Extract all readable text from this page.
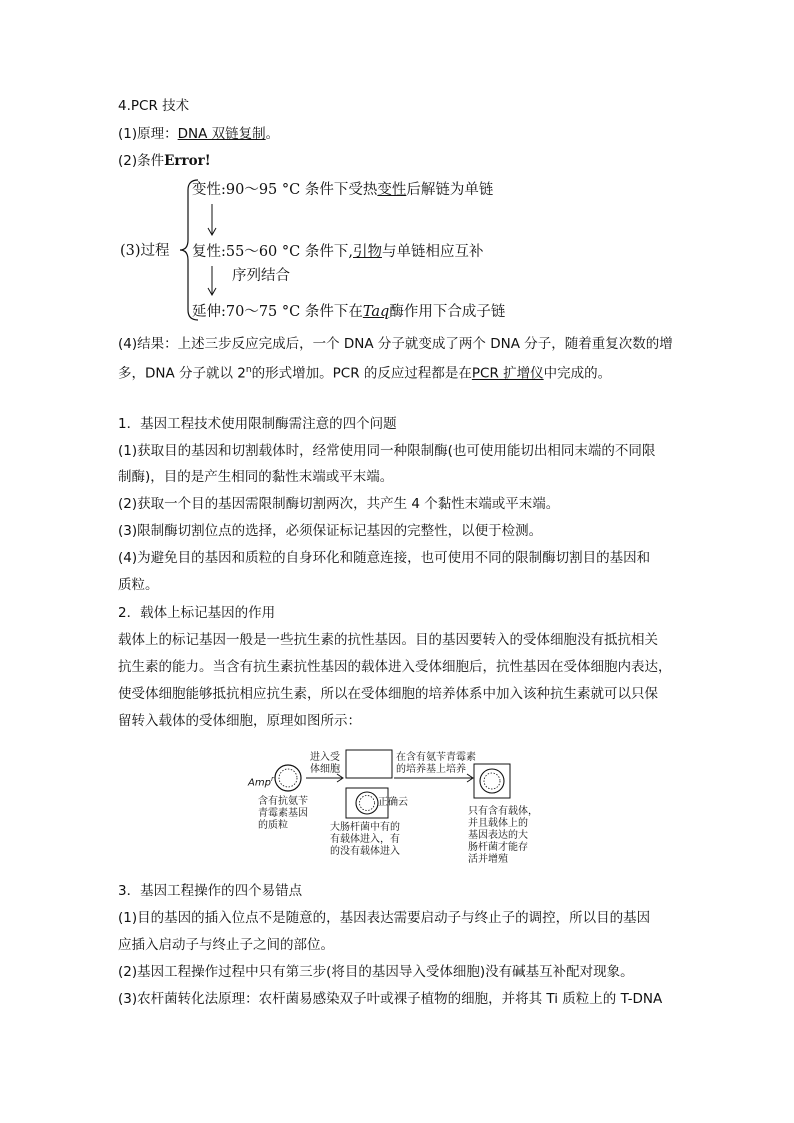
4.PCR 技术
(1)原理：DNA 双链复制。
(2)条件Error!
(3)过程
变性:90～95 °C 条件下受热变性后解链为单链
复性:55～60 °C 条件下,引物与单链相应互补
序列结合
延伸:70～75 °C 条件下在Taq酶作用下合成子链
(4)结果：上述三步反应完成后，一个 DNA 分子就变成了两个 DNA 分子，随着重复次数的增
多，DNA 分子就以 2$^n$的形式增加。PCR 的反应过程都是在PCR 扩增仪中完成的。
1．基因工程技术使用限制酶需注意的四个问题
(1)获取目的基因和切割载体时，经常使用同一种限制酶(也可使用能切出相同末端的不同限
制酶)，目的是产生相同的黏性末端或平末端。
(2)获取一个目的基因需限制酶切割两次，共产生 4 个黏性末端或平末端。
(3)限制酶切割位点的选择，必须保证标记基因的完整性，以便于检测。
(4)为避免目的基因和质粒的自身环化和随意连接，也可使用不同的限制酶切割目的基因和
质粒。
2．载体上标记基因的作用
载体上的标记基因一般是一些抗生素的抗性基因。目的基因要转入的受体细胞没有抵抗相关
抗生素的能力。当含有抗生素抗性基因的载体进入受体细胞后，抗性基因在受体细胞内表达，
使受体细胞能够抵抗相应抗生素，所以在受体细胞的培养体系中加入该种抗生素就可以只保
留转入载体的受体细胞，原理如图所示：
Amp$^r$
含有抗氨苄
青霉素基因
的质粒
进入受
体细胞
正确云
大肠杆菌中有的
有载体进入，有
的没有载体进入
在含有氨苄青霉素
的培养基上培养
只有含有载体，
并且载体上的
基因表达的大
肠杆菌才能存
活并增殖
3．基因工程操作的四个易错点
(1)目的基因的插入位点不是随意的，基因表达需要启动子与终止子的调控，所以目的基因
应插入启动子与终止子之间的部位。
(2)基因工程操作过程中只有第三步(将目的基因导入受体细胞)没有碱基互补配对现象。
(3)农杆菌转化法原理：农杆菌易感染双子叶或裸子植物的细胞，并将其 Ti 质粒上的 T-DNA
